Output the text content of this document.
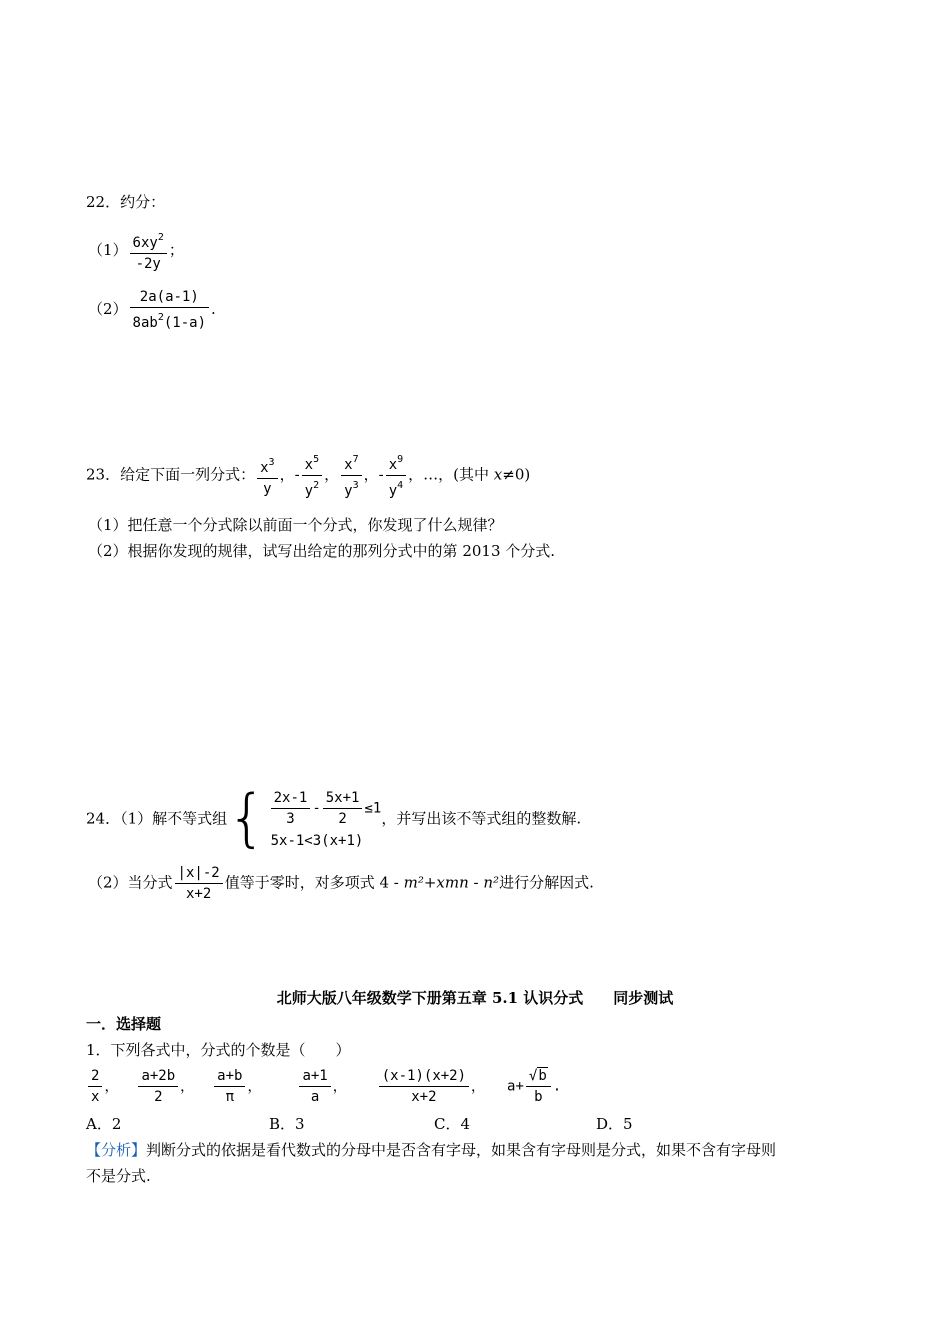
22．约分：
$(1) \frac{6xy^2}{-2y}$ ；
$(2) \frac{2a(a-1)}{8ab^2(1-a)}$ .
23．给定下面一列分式： $\frac{x^3}{y}$ ，- $\frac{x^5}{y^2}$ ， $\frac{x^7}{y^3}$ ，- $\frac{x^9}{y^4}$ ，…，(其中 x≠0)
（1）把任意一个分式除以前面一个分式，你发现了什么规律？
（2）根据你发现的规律，试写出给定的那列分式中的第 2013 个分式.
24．（1）解不等式组 { $\frac{2x-1}{3} - \frac{5x+1}{2} \le 1$
5x-1<3(x+1)
，并写出该不等式组的整数解.
（2）当分式 $\frac{|x|-2}{x+2}$ 值等于零时，对多项式 4 - m²+xmn - n²进行分解因式.
北师大版八年级数学下册第五章 5.1 认识分式　　同步测试
一．选择题
1．下列各式中，分式的个数是（　　）
$\frac{2}{x}$ ， $\frac{a+2b}{2}$ ， $\frac{a+b}{\pi}$ ，	$\frac{a+1}{a}$ ， $\frac{(x-1)(x+2)}{x+2}$ ， $a+ \frac{√b}{b}$ .
A．2	B．3	C．4	D．5
【分析】判断分式的依据是看代数式的分母中是否含有字母，如果含有字母则是分式，如果不含有字母则
不是分式.
